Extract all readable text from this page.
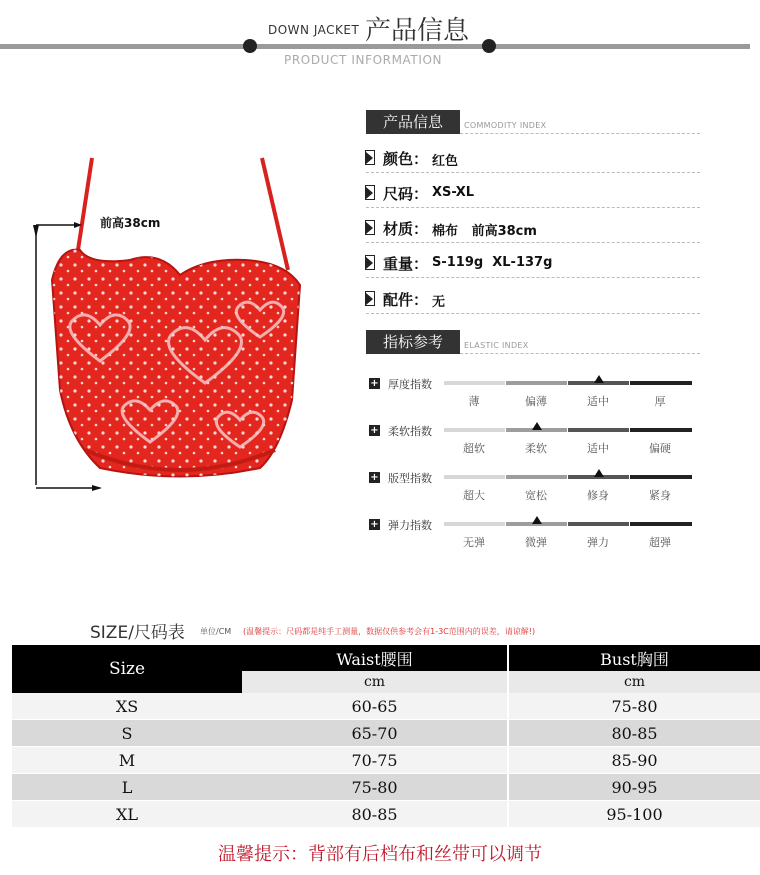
DOWN JACKET 产品信息
PRODUCT INFORMATION
前高38cm
产品信息	COMMODITY INDEX
颜色： 红色
尺码： XS-XL
材质： 棉布   前高38cm
重量： S-119g  XL-137g
配件： 无
指标参考	ELASTIC INDEX
+ 厚度指数
薄	偏薄	适中	厚
+ 柔软指数
超软	柔软	适中	偏硬
+ 版型指数
超大	宽松	修身	紧身
+ 弹力指数
无弹	微弹	弹力	超弹
SIZE/尺码表 单位/CM (温馨提示：尺码都是纯手工测量，数据仅供参考会有1-3C范围内的误差，请谅解!)
Size	Waist腰围	Bust胸围
	cm	cm
XS	60-65	75-80
S	65-70	80-85
M	70-75	85-90
L	75-80	90-95
XL	80-85	95-100
温馨提示：背部有后档布和丝带可以调节
